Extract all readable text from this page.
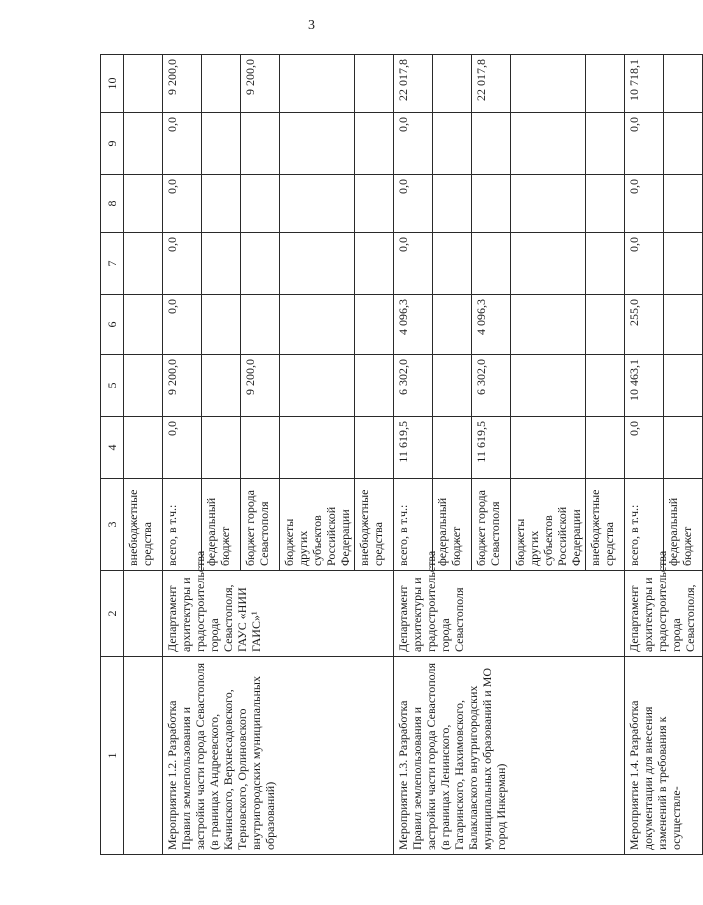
3
1	2	3	4	5	6	7	8	9	10
		внебюджетные средства							
Мероприятие 1.2. Разработка Правил землепользования и застройки части города Севастополя (в границах Андреевского, Качинского, Верхнесадовского, Терновского, Орлиновского внутригородских муниципальных образований)	Департамент архитектуры и градостроительства города Севастополя, ГАУС «НИИ ГАИС»¹	всего, в т.ч.:	0,0	9 200,0	0,0	0,0	0,0	0,0	9 200,0
		федеральный бюджет							
		бюджет города Севастополя		9 200,0					9 200,0
		бюджеты других субъектов Российской Федерации							
		внебюджетные средства							
Мероприятие 1.3. Разработка Правил землепользования и застройки части города Севастополя (в границах Ленинского, Гагаринского, Нахимовского, Балаклавского внутригородских муниципальных образований и МО город Инкерман)	Департамент архитектуры и градостроительства города Севастополя	всего, в т.ч.:	11 619,5	6 302,0	4 096,3	0,0	0,0	0,0	22 017,8
		федеральный бюджет							
		бюджет города Севастополя	11 619,5	6 302,0	4 096,3				22 017,8
		бюджеты других субъектов Российской Федерации							
		внебюджетные средства							
Мероприятие 1.4. Разработка документации для внесения изменений в требования к осуществле-	Департамент архитектуры и градостроительства города Севастополя,	всего, в т.ч.:	0,0	10 463,1	255,0	0,0	0,0	0,0	10 718,1
		федеральный бюджет							
